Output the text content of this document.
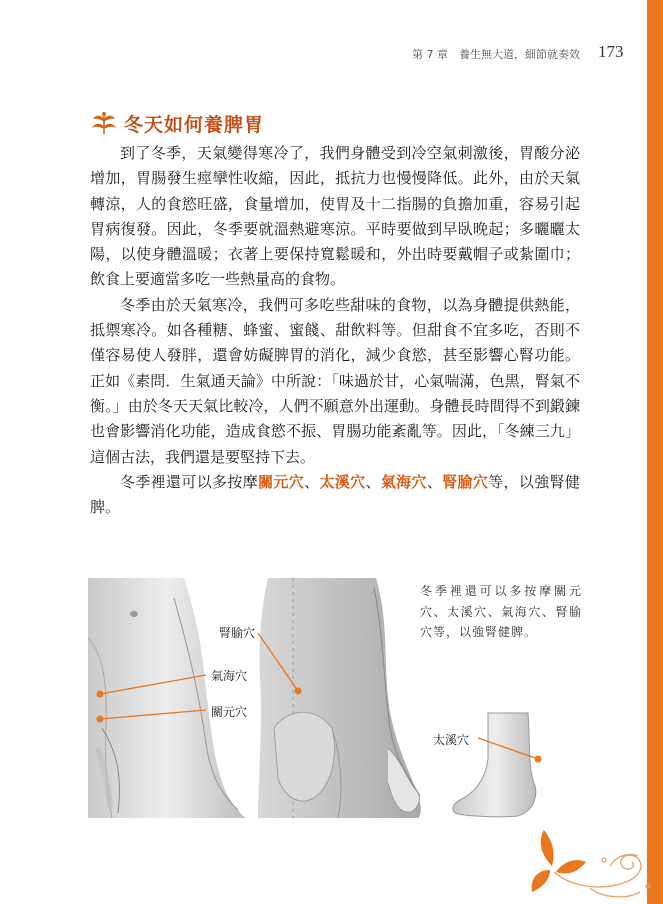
第 7 章　養生無大道，細節就奏效 173
冬天如何養脾胃

到了冬季，天氣變得寒冷了，我們身體受到冷空氣刺激後，胃酸分泌增加，胃腸發生痙攣性收縮，因此，抵抗力也慢慢降低。此外，由於天氣轉涼，人的食慾旺盛，食量增加，使胃及十二指腸的負擔加重，容易引起胃病復發。因此，冬季要就溫熱避寒涼。平時要做到早臥晚起；多曬曬太陽，以使身體溫暖；衣著上要保持寬鬆暖和，外出時要戴帽子或紮圍巾；飲食上要適當多吃一些熱量高的食物。

冬季由於天氣寒冷，我們可多吃些甜味的食物，以為身體提供熱能，抵禦寒冷。如各種糖、蜂蜜、蜜餞、甜飲料等。但甜食不宜多吃，否則不僅容易使人發胖，還會妨礙脾胃的消化，減少食慾，甚至影響心腎功能。正如《素問．生氣通天論》中所說：「味過於甘，心氣喘滿，色黑，腎氣不衡。」由於冬天天氣比較冷，人們不願意外出運動。身體長時間得不到鍛鍊也會影響消化功能，造成食慾不振、胃腸功能紊亂等。因此，「冬練三九」這個古法，我們還是要堅持下去。

冬季裡還可以多按摩關元穴、太溪穴、氣海穴、腎腧穴等，以強腎健脾。

腎腧穴
氣海穴
關元穴
太溪穴
冬季裡還可以多按摩關元穴、太溪穴、氣海穴、腎腧穴等，以強腎健脾。
